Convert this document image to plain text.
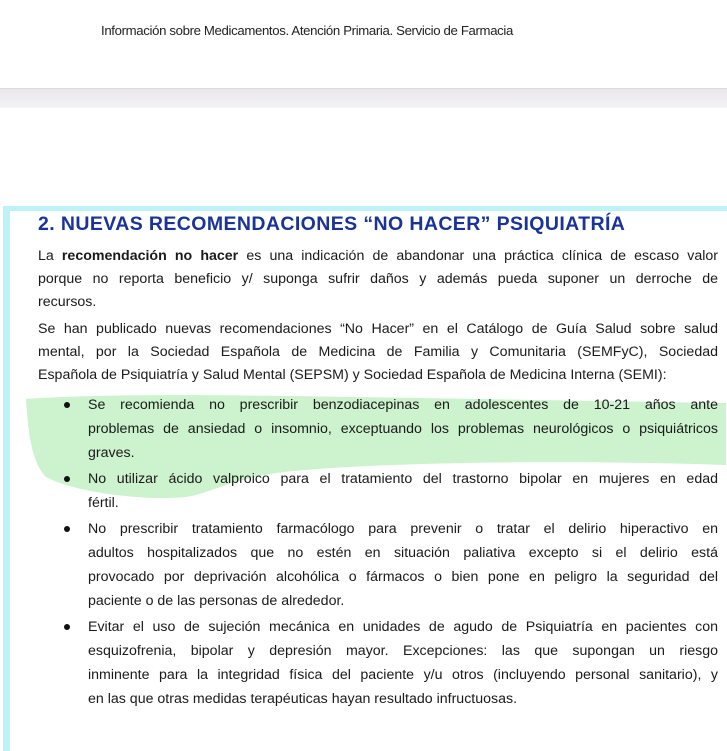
Información sobre Medicamentos. Atención Primaria. Servicio de Farmacia
2. NUEVAS RECOMENDACIONES “NO HACER” PSIQUIATRÍA
La recomendación no hacer es una indicación de abandonar una práctica clínica de escaso valor
porque no reporta beneficio y/ suponga sufrir daños y además pueda suponer un derroche de
recursos.
Se han publicado nuevas recomendaciones “No Hacer” en el Catálogo de Guía Salud sobre salud
mental, por la Sociedad Española de Medicina de Familia y Comunitaria (SEMFyC), Sociedad
Española de Psiquiatría y Salud Mental (SEPSM) y Sociedad Española de Medicina Interna (SEMI):
Se recomienda no prescribir benzodiacepinas en adolescentes de 10-21 años ante
problemas de ansiedad o insomnio, exceptuando los problemas neurológicos o psiquiátricos
graves.
No utilizar ácido valproico para el tratamiento del trastorno bipolar en mujeres en edad
fértil.
No prescribir tratamiento farmacólogo para prevenir o tratar el delirio hiperactivo en
adultos hospitalizados que no estén en situación paliativa excepto si el delirio está
provocado por deprivación alcohólica o fármacos o bien pone en peligro la seguridad del
paciente o de las personas de alrededor.
Evitar el uso de sujeción mecánica en unidades de agudo de Psiquiatría en pacientes con
esquizofrenia, bipolar y depresión mayor. Excepciones: las que supongan un riesgo
inminente para la integridad física del paciente y/u otros (incluyendo personal sanitario), y
en las que otras medidas terapéuticas hayan resultado infructuosas.
